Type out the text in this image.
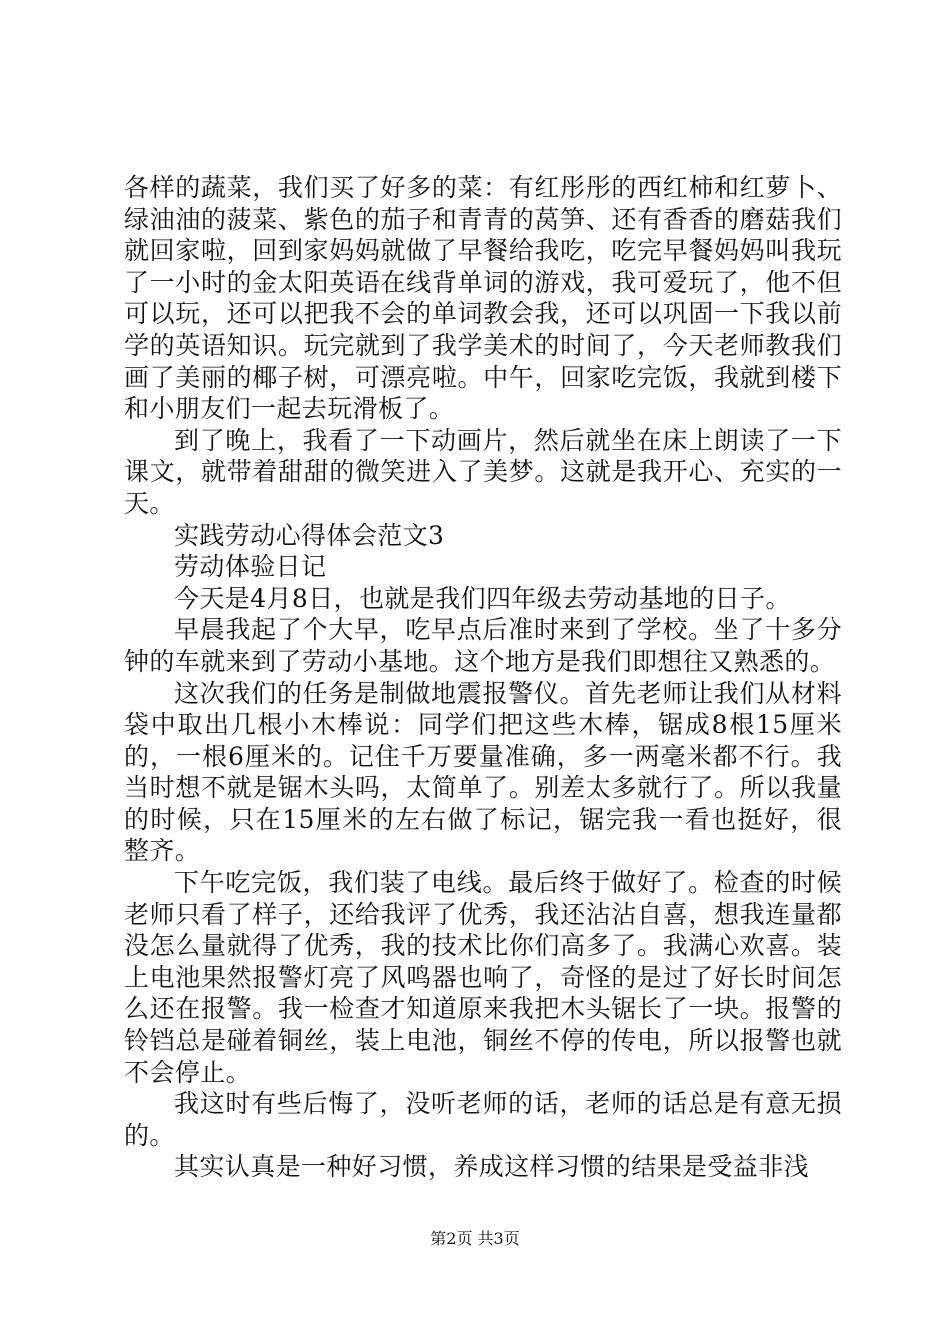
各样的蔬菜，我们买了好多的菜：有红彤彤的西红柿和红萝卜、绿油油的菠菜、紫色的茄子和青青的莴笋、还有香香的磨菇我们就回家啦，回到家妈妈就做了早餐给我吃，吃完早餐妈妈叫我玩了一小时的金太阳英语在线背单词的游戏，我可爱玩了，他不但可以玩，还可以把我不会的单词教会我，还可以巩固一下我以前学的英语知识。玩完就到了我学美术的时间了，今天老师教我们画了美丽的椰子树，可漂亮啦。中午，回家吃完饭，我就到楼下和小朋友们一起去玩滑板了。

到了晚上，我看了一下动画片，然后就坐在床上朗读了一下课文，就带着甜甜的微笑进入了美梦。这就是我开心、充实的一天。

实践劳动心得体会范文3

劳动体验日记

今天是4月8日，也就是我们四年级去劳动基地的日子。

早晨我起了个大早，吃早点后准时来到了学校。坐了十多分钟的车就来到了劳动小基地。这个地方是我们即想往又熟悉的。

这次我们的任务是制做地震报警仪。首先老师让我们从材料袋中取出几根小木棒说：同学们把这些木棒，锯成8根15厘米的，一根6厘米的。记住千万要量准确，多一两毫米都不行。我当时想不就是锯木头吗，太简单了。别差太多就行了。所以我量的时候，只在15厘米的左右做了标记，锯完我一看也挺好，很整齐。

下午吃完饭，我们装了电线。最后终于做好了。检查的时候老师只看了样子，还给我评了优秀，我还沾沾自喜，想我连量都没怎么量就得了优秀，我的技术比你们高多了。我满心欢喜。装上电池果然报警灯亮了风鸣器也响了，奇怪的是过了好长时间怎么还在报警。我一检查才知道原来我把木头锯长了一块。报警的铃铛总是碰着铜丝，装上电池，铜丝不停的传电，所以报警也就不会停止。

我这时有些后悔了，没听老师的话，老师的话总是有意无损的。

其实认真是一种好习惯，养成这样习惯的结果是受益非浅

第2页 共3页
